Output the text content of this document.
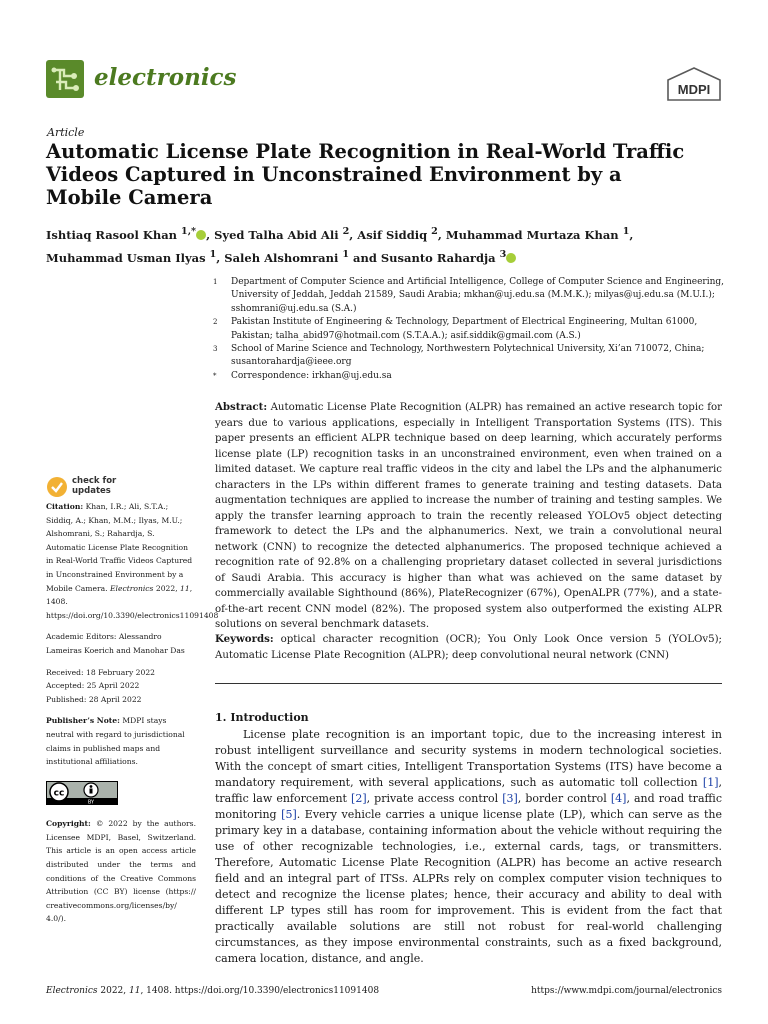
electronics	MDPI
Article
Automatic License Plate Recognition in Real-World Traffic Videos Captured in Unconstrained Environment by a Mobile Camera
Ishtiaq Rasool Khan $^{1,*}$ , Syed Talha Abid Ali $^2$, Asif Siddiq $^2$, Muhammad Murtaza Khan $^1$,
Muhammad Usman Ilyas $^1$, Saleh Alshomrani $^1$ and Susanto Rahardja $^3$
1	Department of Computer Science and Artificial Intelligence, College of Computer Science and Engineering, University of Jeddah, Jeddah 21589, Saudi Arabia; mkhan@uj.edu.sa (M.M.K.); milyas@uj.edu.sa (M.U.I.); sshomrani@uj.edu.sa (S.A.)
2	Pakistan Institute of Engineering & Technology, Department of Electrical Engineering, Multan 61000, Pakistan; talha_abid97@hotmail.com (S.T.A.A.); asif.siddik@gmail.com (A.S.)
3	School of Marine Science and Technology, Northwestern Polytechnical University, Xi’an 710072, China; susantorahardja@ieee.org
*	Correspondence: irkhan@uj.edu.sa
Abstract: Automatic License Plate Recognition (ALPR) has remained an active research topic for years due to various applications, especially in Intelligent Transportation Systems (ITS). This paper presents an efficient ALPR technique based on deep learning, which accurately performs license plate (LP) recognition tasks in an unconstrained environment, even when trained on a limited dataset. We capture real traffic videos in the city and label the LPs and the alphanumeric characters in the LPs within different frames to generate training and testing datasets. Data augmentation techniques are applied to increase the number of training and testing samples. We apply the transfer learning approach to train the recently released YOLOv5 object detecting framework to detect the LPs and the alphanumerics. Next, we train a convolutional neural network (CNN) to recognize the detected alphanumerics. The proposed technique achieved a recognition rate of 92.8% on a challenging proprietary dataset collected in several jurisdictions of Saudi Arabia. This accuracy is higher than what was achieved on the same dataset by commercially available Sighthound (86%), PlateRecognizer (67%), OpenALPR (77%), and a state-of-the-art recent CNN model (82%). The proposed system also outperformed the existing ALPR solutions on several benchmark datasets.
Keywords: optical character recognition (OCR); You Only Look Once version 5 (YOLOv5); Automatic License Plate Recognition (ALPR); deep convolutional neural network (CNN)
1. Introduction
License plate recognition is an important topic, due to the increasing interest in robust intelligent surveillance and security systems in modern technological societies. With the concept of smart cities, Intelligent Transportation Systems (ITS) have become a mandatory requirement, with several applications, such as automatic toll collection [1], traffic law enforcement [2], private access control [3], border control [4], and road traffic monitoring [5]. Every vehicle carries a unique license plate (LP), which can serve as the primary key in a database, containing information about the vehicle without requiring the use of other recognizable technologies, i.e., external cards, tags, or transmitters. Therefore, Automatic License Plate Recognition (ALPR) has become an active research field and an integral part of ITSs. ALPRs rely on complex computer vision techniques to detect and recognize the license plates; hence, their accuracy and ability to deal with different LP types still has room for improvement. This is evident from the fact that practically available solutions are still not robust for real-world challenging circumstances, as they impose environmental constraints, such as a fixed background, camera location, distance, and angle.
check for
updates
Citation: Khan, I.R.; Ali, S.T.A.; Siddiq, A.; Khan, M.M.; Ilyas, M.U.; Alshomrani, S.; Rahardja, S. Automatic License Plate Recognition in Real-World Traffic Videos Captured in Unconstrained Environment by a Mobile Camera. Electronics 2022, 11, 1408. https://doi.org/10.3390/electronics11091408
Academic Editors: Alessandro Lameiras Koerich and Manohar Das
Received: 18 February 2022
Accepted: 25 April 2022
Published: 28 April 2022
Publisher’s Note: MDPI stays neutral with regard to jurisdictional claims in published maps and institutional affiliations.
cc
BY
Copyright: © 2022 by the authors. Licensee MDPI, Basel, Switzerland. This article is an open access article distributed under the terms and conditions of the Creative Commons Attribution (CC BY) license (https:// creativecommons.org/licenses/by/ 4.0/).
Electronics 2022, 11, 1408. https://doi.org/10.3390/electronics11091408	https://www.mdpi.com/journal/electronics
